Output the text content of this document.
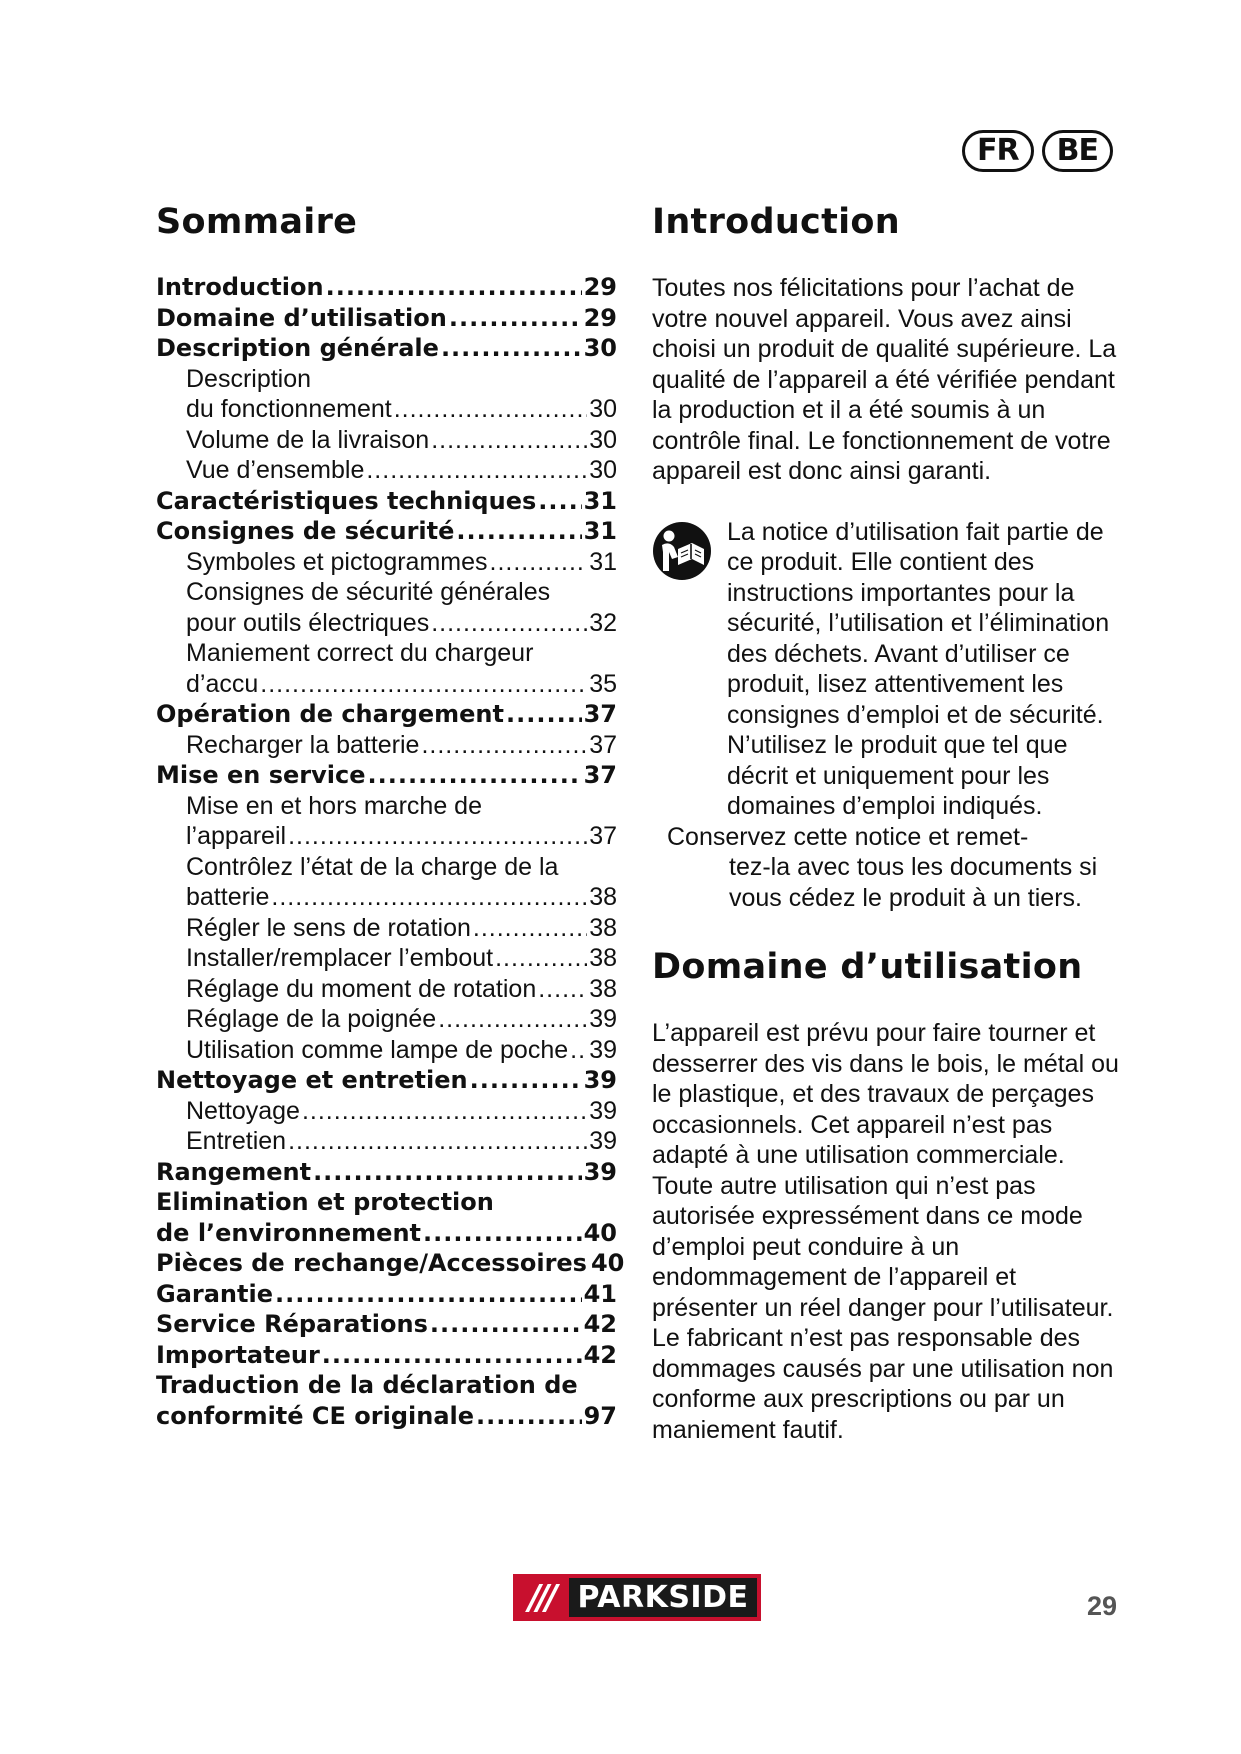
FR	BE
Sommaire
Introduction .....	29
Domaine d’utilisation .....	29
Description générale .....	30
Description
du fonctionnement .....	30
Volume de la livraison .....	30
Vue d’ensemble .....	30
Caractéristiques techniques ..... 31
Consignes de sécurité .....	31
Symboles et pictogrammes .....	31
Consignes de sécurité générales
pour outils électriques .....	32
Maniement correct du chargeur
d’accu .....	35
Opération de chargement .....	37
Recharger la batterie .....	37
Mise en service .....	37
Mise en et hors marche de
l’appareil .....	37
Contrôlez l’état de la charge de la
batterie .....	38
Régler le sens de rotation .....	38
Installer/remplacer l’embout .....	38
Réglage du moment de rotation ..... 38
Réglage de la poignée .....	39
Utilisation comme lampe de poche ..... 39
Nettoyage et entretien .....	39
Nettoyage .....	39
Entretien .....	39
Rangement .....	39
Elimination et protection
de l’environnement .....	40
Pièces de rechange/Accessoires 40
Garantie .....	41
Service Réparations .....	42
Importateur .....	42
Traduction de la déclaration de
conformité CE originale .....	97
Introduction

Toutes nos félicitations pour l’achat de votre nouvel appareil. Vous avez ainsi choisi un produit de qualité supérieure. La qualité de l’appareil a été vérifiée pendant la production et il a été soumis à un contrôle final. Le fonctionnement de votre appareil est donc ainsi garanti.

La notice d’utilisation fait partie de ce produit. Elle contient des instructions importantes pour la sécurité, l’utilisation et l’élimination des déchets. Avant d’utiliser ce produit, lisez attentivement les consignes d’emploi et de sécurité. N’utilisez le produit que tel que décrit et uniquement pour les domaines d’emploi indiqués.

Conservez cette notice et remet-
tez-la avec tous les documents si vous cédez le produit à un tiers.

Domaine d’utilisation

L’appareil est prévu pour faire tourner et desserrer des vis dans le bois, le métal ou le plastique, et des travaux de perçages occasionnels. Cet appareil n’est pas adapté à une utilisation commerciale. Toute autre utilisation qui n’est pas autorisée expressément dans ce mode d’emploi peut conduire à un endommagement de l’appareil et présenter un réel danger pour l’utilisateur. Le fabricant n’est pas responsable des dommages causés par une utilisation non conforme aux prescriptions ou par un maniement fautif.

/// PARKSIDE	29
